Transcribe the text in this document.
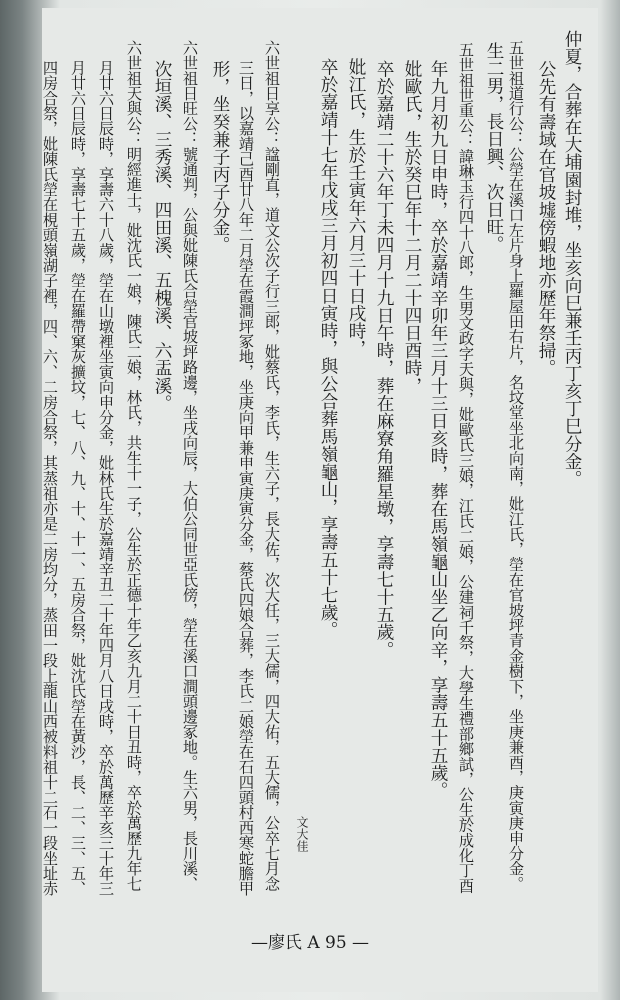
仲夏，合葬在大埔園封堆，坐亥向巳兼壬丙丁亥丁巳分金。
公先有壽域在官坡墟傍蝦地亦歷年祭掃。
五世祖道行公：公塋在溪口左片身上羅屋田右片，名坟堂坐北向南，妣江氏，塋在官坡坪青金樹下，坐庚兼酉，庚寅庚申分金。
生二男，長日興、次日旺。
五世祖世重公：諱琳玉行四十八郎，生男文政字天與，妣歐氏三娘，江氏二娘，公建祠千祭，大學生禮部鄉試，公生於成化丁酉
年九月初九日申時，卒於嘉靖辛卯年三月十三日亥時，葬在馬嶺龜山坐乙向辛，享壽五十五歲。
妣歐氏，生於癸巳年十二月二十四日酉時，
卒於嘉靖二十六年丁未四月十九日午時，葬在麻寮角羅星墩，享壽七十五歲。
妣江氏，生於壬寅年六月三十日戌時，
卒於嘉靖十七年戊戌三月初四日寅時，與公合葬馬嶺龜山，享壽五十七歲。
六世祖日享公：諡剛直，道文公次子行三郎，妣蔡氏，李氏，生六子，長大佐，次大任，三大儒，四大佑，五大儒，公卒七月念
三日，以嘉靖己酉廿八年二月塋在霞澗坪冢地，坐庚向甲兼申寅庚寅分金，蔡氏四娘合葬，李氏二娘塋在石四頭村西寒蛇膽甲
形，坐癸兼子丙子分金。
六世祖日旺公：號通判，公與妣陳氏合塋官坡坪路邊，坐戌向辰，大伯公同世亞氏傍，塋在溪口澗頭邊冢地。生六男，長川溪、
次垣溪、三秀溪、四田溪、五槐溪、六盂溪。
六世祖天與公：明經進士，妣沈氏一娘，陳氏二娘，林氏，共生十一子，公生於正德十年乙亥九月二十日丑時，卒於萬歷九年七
月廿六日辰時，享壽六十八歲，塋在山墩裡坐寅向申分金，妣林氏生於嘉靖辛丑二十年四月八日戌時，卒於萬歷辛亥三十年三
月廿六日辰時，享壽七十五歲，塋在羅帶窠灰擴坟，七、八、九、十、十一、五房合祭，妣沈氏塋在黃沙，長、二、三、五、
四房合祭，妣陳氏塋在梘頭嶺湖子裡，四、六、二房合祭，其蒸祖亦是二房均分，蒸田一段上龍山西被料祖十二石一段坐址赤	文大佳
—廖氏 A 95 —
